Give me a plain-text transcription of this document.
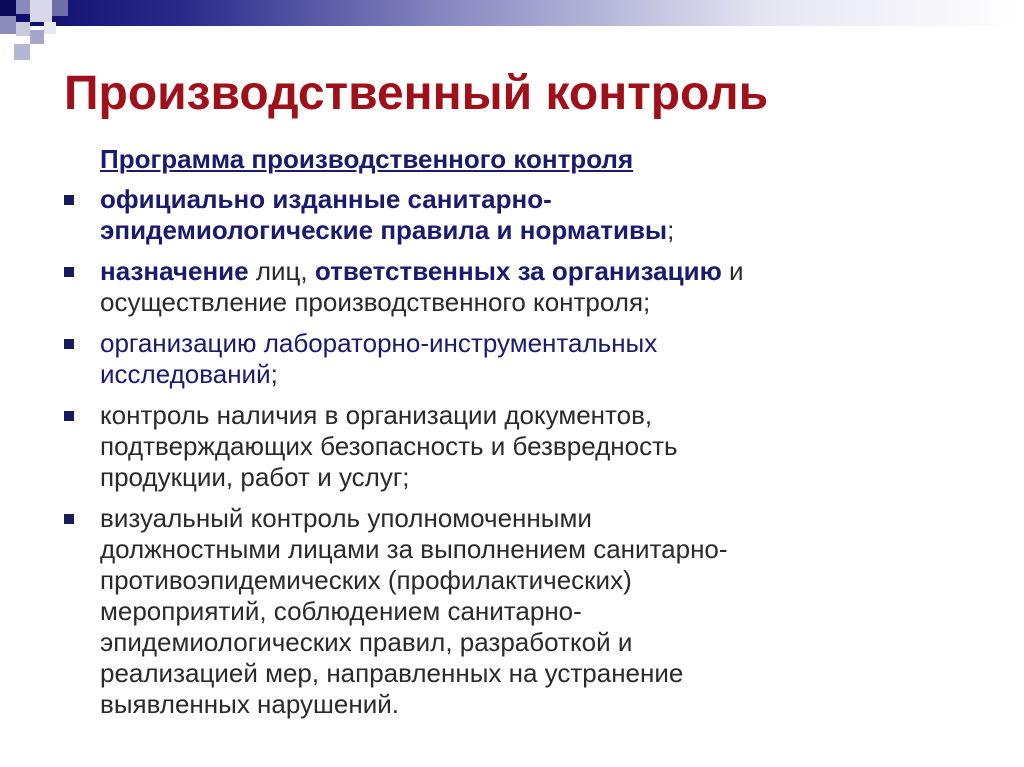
Производственный контроль
Программа производственного контроля
официально изданные санитарно-
эпидемиологические правила и нормативы;
назначение лиц, ответственных за организацию и
осуществление производственного контроля;
организацию лабораторно-инструментальных
исследований;
контроль наличия в организации документов,
подтверждающих безопасность и безвредность
продукции, работ и услуг;
визуальный контроль уполномоченными
должностными лицами за выполнением санитарно-
противоэпидемических (профилактических)
мероприятий, соблюдением санитарно-
эпидемиологических правил, разработкой и
реализацией мер, направленных на устранение
выявленных нарушений.
